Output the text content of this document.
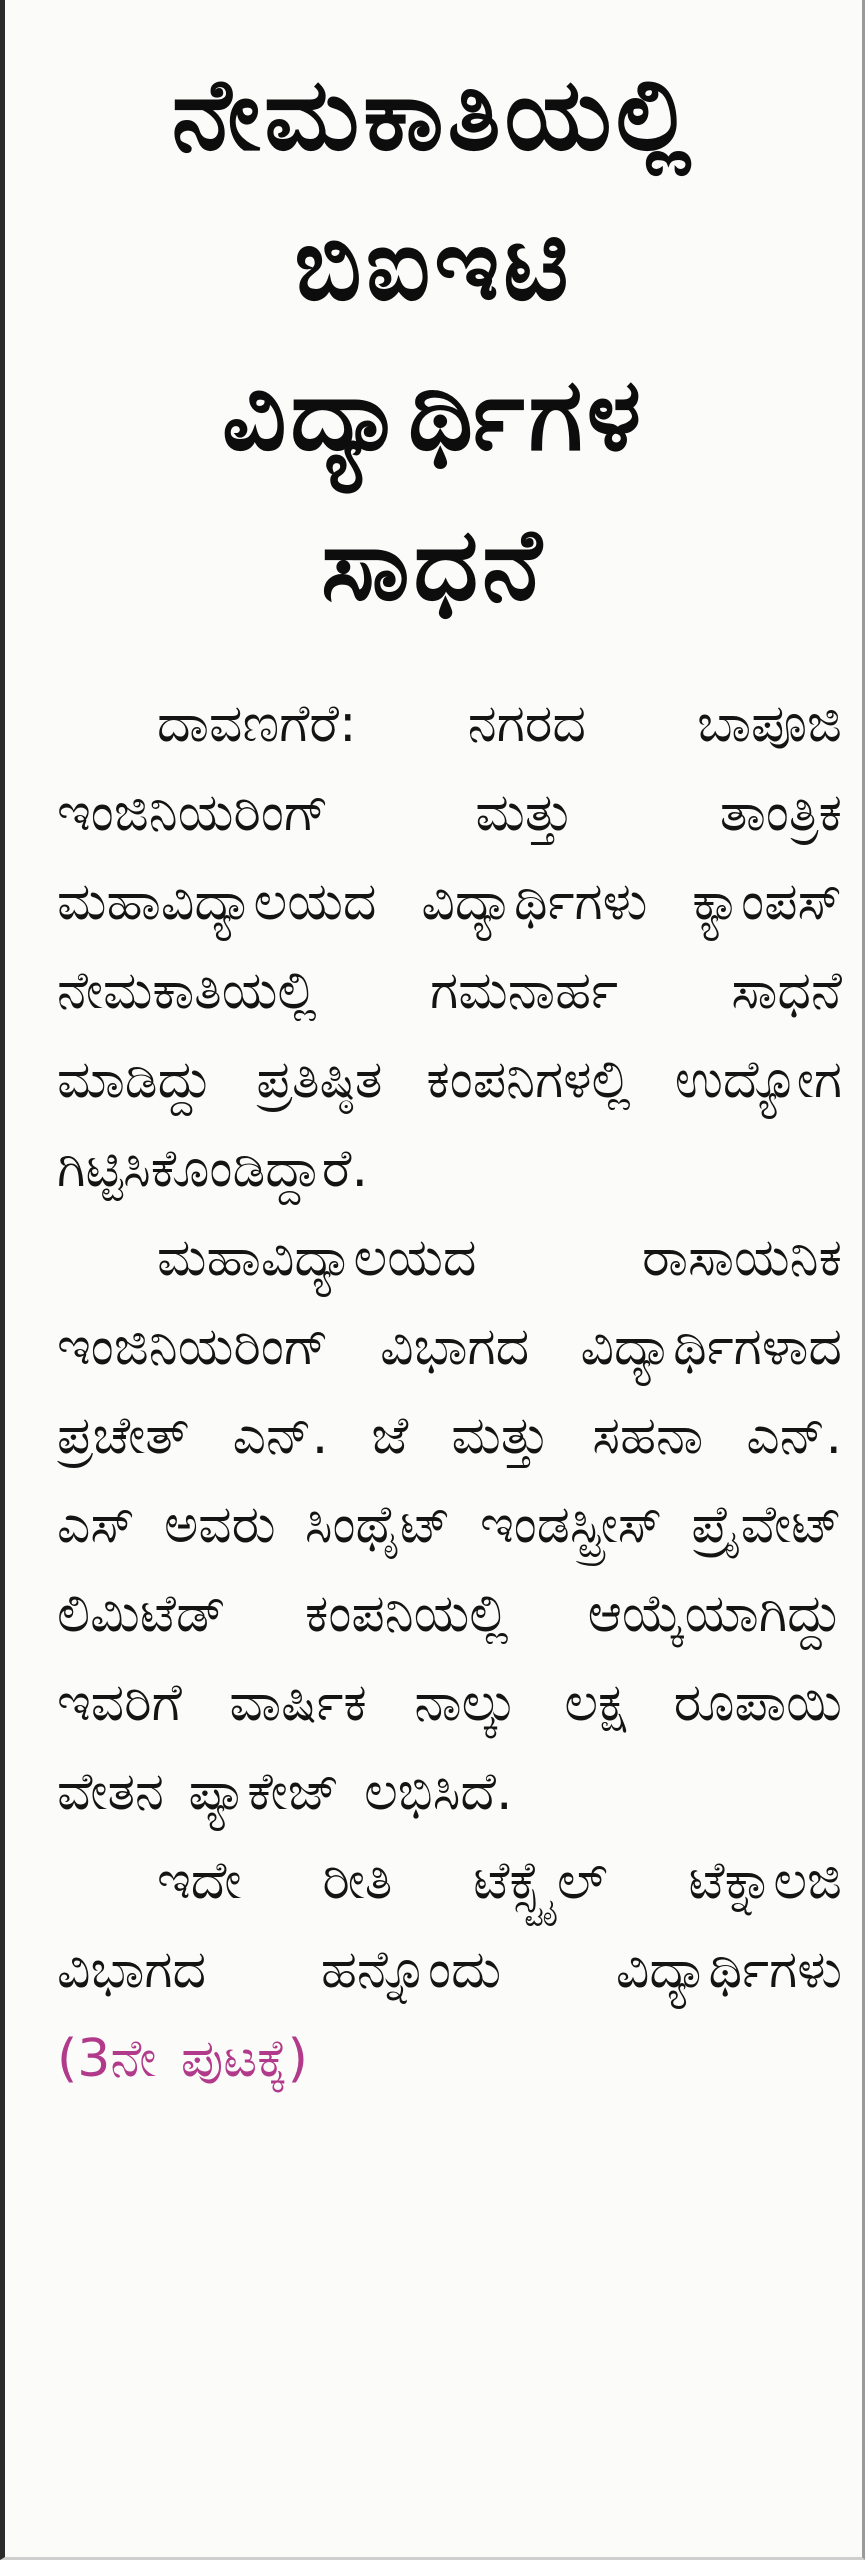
ನೇಮಕಾತಿಯಲ್ಲಿ
ಬಿಐಇಟಿ
ವಿದ್ಯಾರ್ಥಿಗಳ
ಸಾಧನೆ

ದಾವಣಗೆರೆ: ನಗರದ ಬಾಪೂಜಿ ಇಂಜಿನಿಯರಿಂಗ್ ಮತ್ತು ತಾಂತ್ರಿಕ ಮಹಾವಿದ್ಯಾಲಯದ ವಿದ್ಯಾರ್ಥಿಗಳು ಕ್ಯಾಂಪಸ್ ನೇಮಕಾತಿಯಲ್ಲಿ ಗಮನಾರ್ಹ ಸಾಧನೆ ಮಾಡಿದ್ದು ಪ್ರತಿಷ್ಠಿತ ಕಂಪನಿಗಳಲ್ಲಿ ಉದ್ಯೋಗ ಗಿಟ್ಟಿಸಿಕೊಂಡಿದ್ದಾರೆ.

ಮಹಾವಿದ್ಯಾಲಯದ ರಾಸಾಯನಿಕ ಇಂಜಿನಿಯರಿಂಗ್ ವಿಭಾಗದ ವಿದ್ಯಾರ್ಥಿಗಳಾದ ಪ್ರಚೇತ್ ಎನ್. ಜೆ ಮತ್ತು ಸಹನಾ ಎನ್. ಎಸ್ ಅವರು ಸಿಂಥೈಟ್ ಇಂಡಸ್ಟ್ರೀಸ್ ಪ್ರೈವೇಟ್ ಲಿಮಿಟೆಡ್ ಕಂಪನಿಯಲ್ಲಿ ಆಯ್ಕೆಯಾಗಿದ್ದು ಇವರಿಗೆ ವಾರ್ಷಿಕ ನಾಲ್ಕು ಲಕ್ಷ ರೂಪಾಯಿ ವೇತನ ಪ್ಯಾಕೇಜ್ ಲಭಿಸಿದೆ.

ಇದೇ ರೀತಿ ಟೆಕ್ಸ್ಟೈಲ್ ಟೆಕ್ನಾಲಜಿ ವಿಭಾಗದ ಹನ್ನೊಂದು ವಿದ್ಯಾರ್ಥಿಗಳು (3ನೇ ಪುಟಕ್ಕೆ)
